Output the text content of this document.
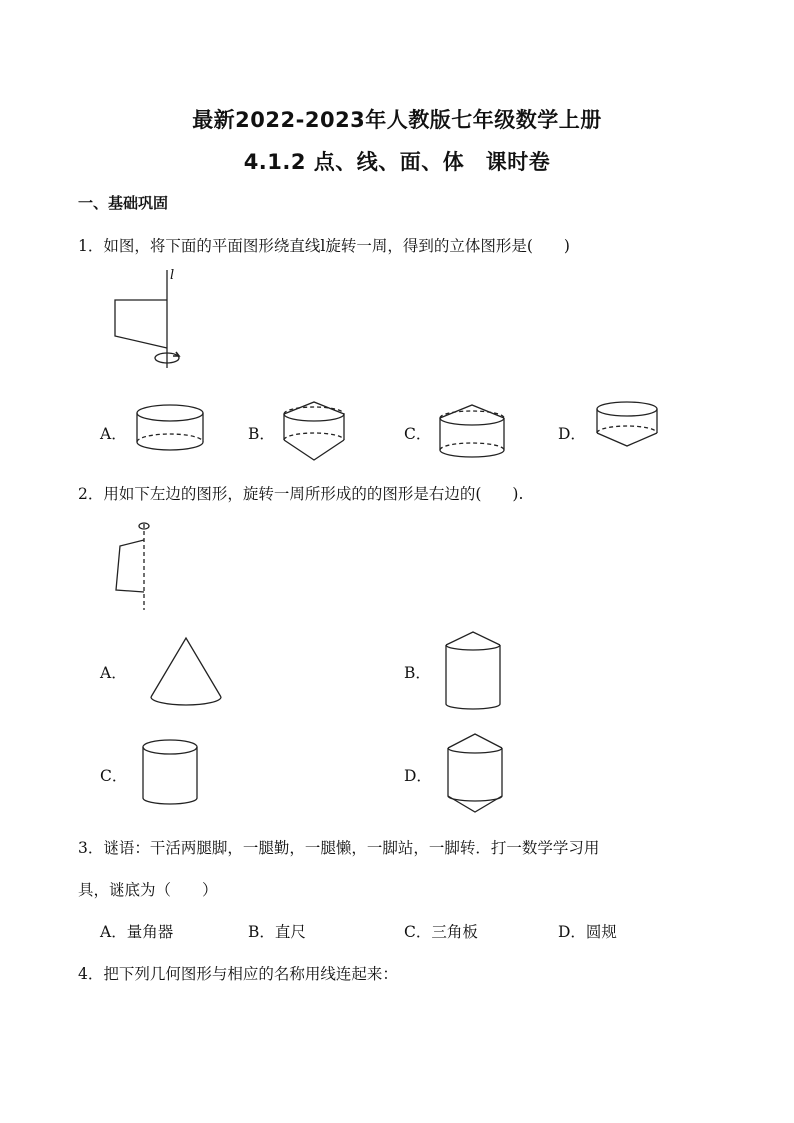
最新2022-2023年人教版七年级数学上册
4.1.2 点、线、面、体　课时卷
一、基础巩固
1．如图，将下面的平面图形绕直线l旋转一周，得到的立体图形是(　　)
l
A．	B．	C．	D．
2．用如下左边的图形，旋转一周所形成的的图形是右边的(　　).
A．	B．
C．	D．
3．谜语：干活两腿脚，一腿勤，一腿懒，一脚站，一脚转．打一数学学习用
具，谜底为（　　）
A．量角器	B．直尺	C．三角板	D．圆规
4．把下列几何图形与相应的名称用线连起来：
